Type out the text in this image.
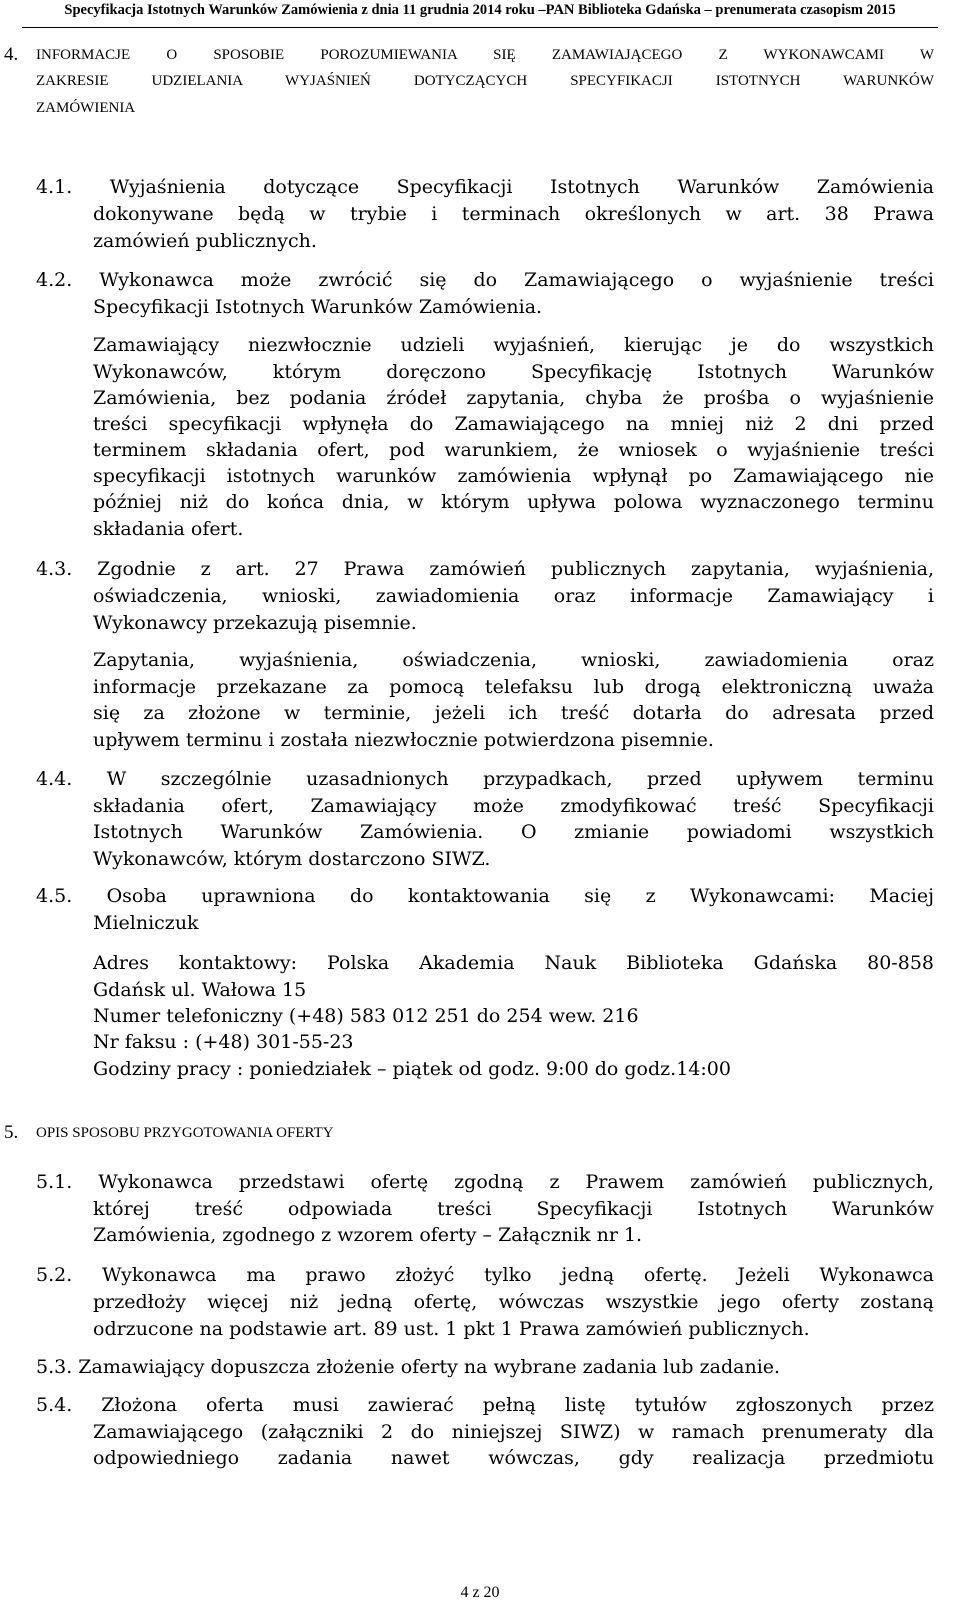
Specyfikacja Istotnych Warunków Zamówienia z dnia 11 grudnia 2014 roku –PAN Biblioteka Gdańska – prenumerata czasopism 2015
4. INFORMACJE O SPOSOBIE POROZUMIEWANIA SIĘ ZAMAWIAJĄCEGO Z WYKONAWCAMI W
ZAKRESIE UDZIELANIA WYJAŚNIEŃ DOTYCZĄCYCH SPECYFIKACJI ISTOTNYCH WARUNKÓW
ZAMÓWIENIA
4.1. Wyjaśnienia dotyczące Specyfikacji Istotnych Warunków Zamówienia
dokonywane będą w trybie i terminach określonych w art. 38 Prawa
zamówień publicznych.
4.2. Wykonawca może zwrócić się do Zamawiającego o wyjaśnienie treści
Specyfikacji Istotnych Warunków Zamówienia.
Zamawiający niezwłocznie udzieli wyjaśnień, kierując je do wszystkich
Wykonawców, którym doręczono Specyfikację Istotnych Warunków
Zamówienia, bez podania źródeł zapytania, chyba że prośba o wyjaśnienie
treści specyfikacji wpłynęła do Zamawiającego na mniej niż 2 dni przed
terminem składania ofert, pod warunkiem, że wniosek o wyjaśnienie treści
specyfikacji istotnych warunków zamówienia wpłynął po Zamawiającego nie
później niż do końca dnia, w którym upływa polowa wyznaczonego terminu
składania ofert.
4.3. Zgodnie z art. 27 Prawa zamówień publicznych zapytania, wyjaśnienia,
oświadczenia, wnioski, zawiadomienia oraz informacje Zamawiający i
Wykonawcy przekazują pisemnie.
Zapytania, wyjaśnienia, oświadczenia, wnioski, zawiadomienia oraz
informacje przekazane za pomocą telefaksu lub drogą elektroniczną uważa
się za złożone w terminie, jeżeli ich treść dotarła do adresata przed
upływem terminu i została niezwłocznie potwierdzona pisemnie.
4.4. W szczególnie uzasadnionych przypadkach, przed upływem terminu
składania ofert, Zamawiający może zmodyfikować treść Specyfikacji
Istotnych Warunków Zamówienia. O zmianie powiadomi wszystkich
Wykonawców, którym dostarczono SIWZ.
4.5. Osoba uprawniona do kontaktowania się z Wykonawcami: Maciej
Mielniczuk
Adres kontaktowy: Polska Akademia Nauk Biblioteka Gdańska 80-858
Gdańsk ul. Wałowa 15
Numer telefoniczny (+48) 583 012 251 do 254 wew. 216
Nr faksu : (+48) 301-55-23
Godziny pracy : poniedziałek – piątek od godz. 9:00 do godz.14:00
5. OPIS SPOSOBU PRZYGOTOWANIA OFERTY
5.1. Wykonawca przedstawi ofertę zgodną z Prawem zamówień publicznych,
której treść odpowiada treści Specyfikacji Istotnych Warunków
Zamówienia, zgodnego z wzorem oferty – Załącznik nr 1.
5.2. Wykonawca ma prawo złożyć tylko jedną ofertę. Jeżeli Wykonawca
przedłoży więcej niż jedną ofertę, wówczas wszystkie jego oferty zostaną
odrzucone na podstawie art. 89 ust. 1 pkt 1 Prawa zamówień publicznych.
5.3. Zamawiający dopuszcza złożenie oferty na wybrane zadania lub zadanie.
5.4. Złożona oferta musi zawierać pełną listę tytułów zgłoszonych przez
Zamawiającego (załączniki 2 do niniejszej SIWZ) w ramach prenumeraty dla
odpowiedniego zadania nawet wówczas, gdy realizacja przedmiotu
4 z 20
